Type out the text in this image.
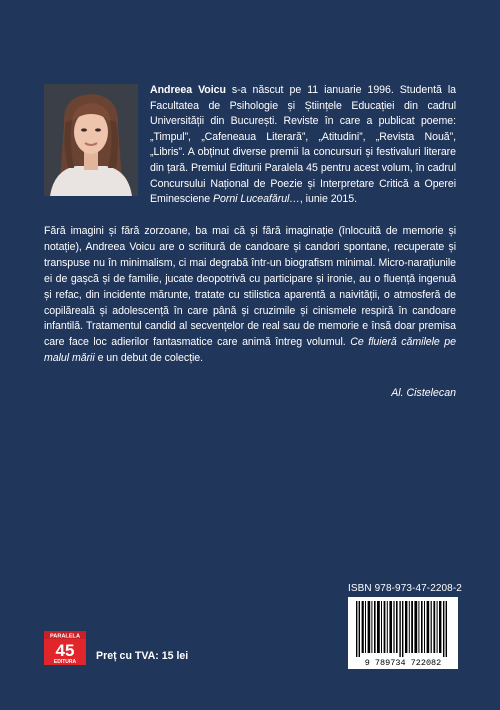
Andreea Voicu s-a născut pe 11 ianuarie 1996. Studentă la Facultatea de Psihologie și Științele Educației din cadrul Universității din București. Reviste în care a publicat poeme: „Timpul”, „Cafeneaua Literară”, „Atitudini”, „Revista Nouă”, „Libris”. A obținut diverse premii la concursuri și festivaluri literare din țară. Premiul Editurii Paralela 45 pentru acest volum, în cadrul Concursului Național de Poezie și Interpretare Critică a Operei Eminesciene Porni Luceafărul…, iunie 2015.
Fără imagini și fără zorzoane, ba mai că și fără imaginație (înlocuită de memorie și notație), Andreea Voicu are o scriitură de candoare și candori spontane, recuperate și transpuse nu în minimalism, ci mai degrabă într-un biografism minimal. Micro-narațiunile ei de gașcă și de familie, jucate deopotrivă cu participare și ironie, au o fluență ingenuă și refac, din incidente mărunte, tratate cu stilistica aparentă a naivității, o atmosferă de copilăreală și adolescență în care până și cruzimile și cinismele respiră în candoare infantilă. Tratamentul candid al secvențelor de real sau de memorie e însă doar premisa care face loc adierilor fantasmatice care animă întreg volumul. Ce fluieră cămilele pe malul mării e un debut de colecție.
Al. Cistelecan
ISBN 978-973-47-2208-2
9 789734 722082
PARALELA
45
EDITURA Preț cu TVA: 15 lei
